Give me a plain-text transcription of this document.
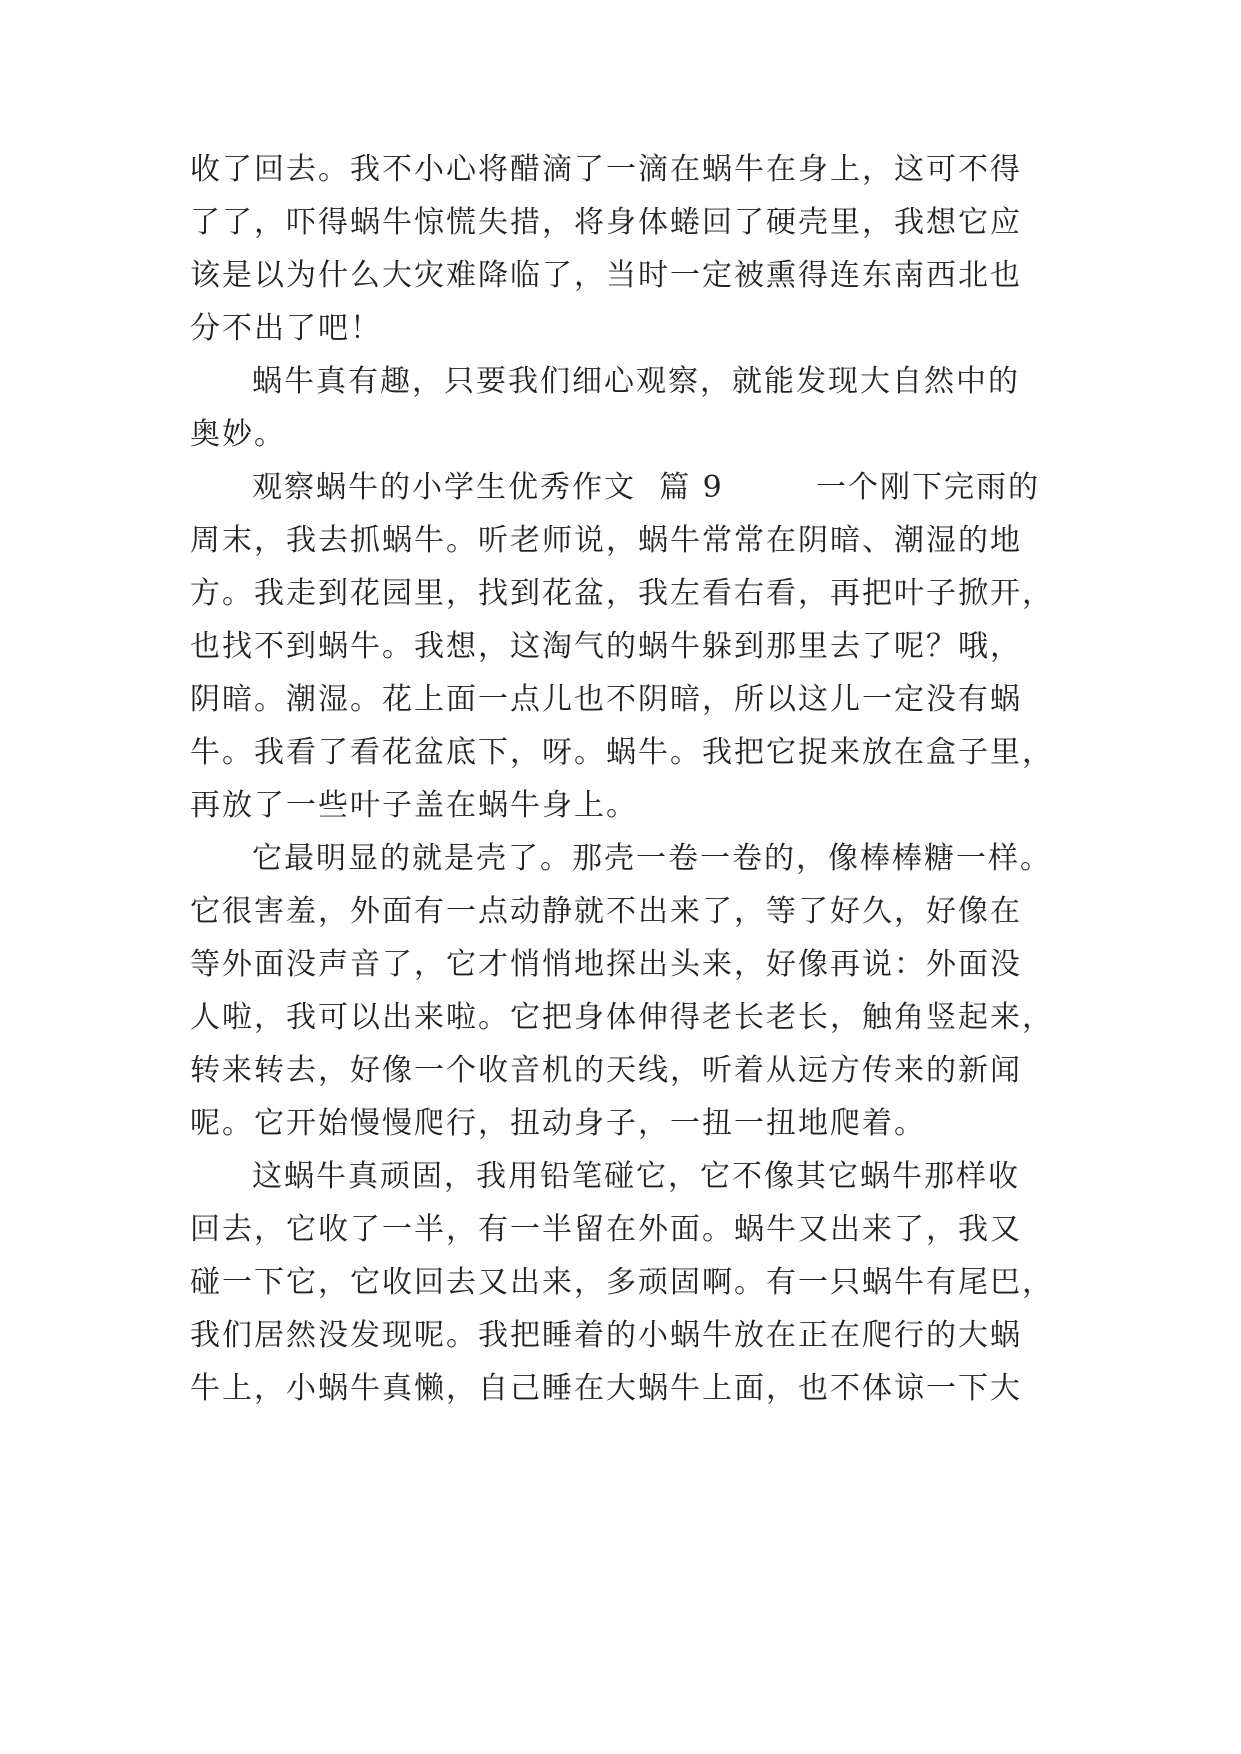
收了回去。我不小心将醋滴了一滴在蜗牛在身上，这可不得
了了，吓得蜗牛惊慌失措，将身体蜷回了硬壳里，我想它应
该是以为什么大灾难降临了，当时一定被熏得连东南西北也
分不出了吧！
蜗牛真有趣，只要我们细心观察，就能发现大自然中的
奥妙。
观察蜗牛的小学生优秀作文  篇 9        一个刚下完雨的
周末，我去抓蜗牛。听老师说，蜗牛常常在阴暗、潮湿的地
方。我走到花园里，找到花盆，我左看右看，再把叶子掀开，
也找不到蜗牛。我想，这淘气的蜗牛躲到那里去了呢？哦，
阴暗。潮湿。花上面一点儿也不阴暗，所以这儿一定没有蜗
牛。我看了看花盆底下，呀。蜗牛。我把它捉来放在盒子里，
再放了一些叶子盖在蜗牛身上。
它最明显的就是壳了。那壳一卷一卷的，像棒棒糖一样。
它很害羞，外面有一点动静就不出来了，等了好久，好像在
等外面没声音了，它才悄悄地探出头来，好像再说：外面没
人啦，我可以出来啦。它把身体伸得老长老长，触角竖起来，
转来转去，好像一个收音机的天线，听着从远方传来的新闻
呢。它开始慢慢爬行，扭动身子，一扭一扭地爬着。
这蜗牛真顽固，我用铅笔碰它，它不像其它蜗牛那样收
回去，它收了一半，有一半留在外面。蜗牛又出来了，我又
碰一下它，它收回去又出来，多顽固啊。有一只蜗牛有尾巴，
我们居然没发现呢。我把睡着的小蜗牛放在正在爬行的大蜗
牛上，小蜗牛真懒，自己睡在大蜗牛上面，也不体谅一下大
